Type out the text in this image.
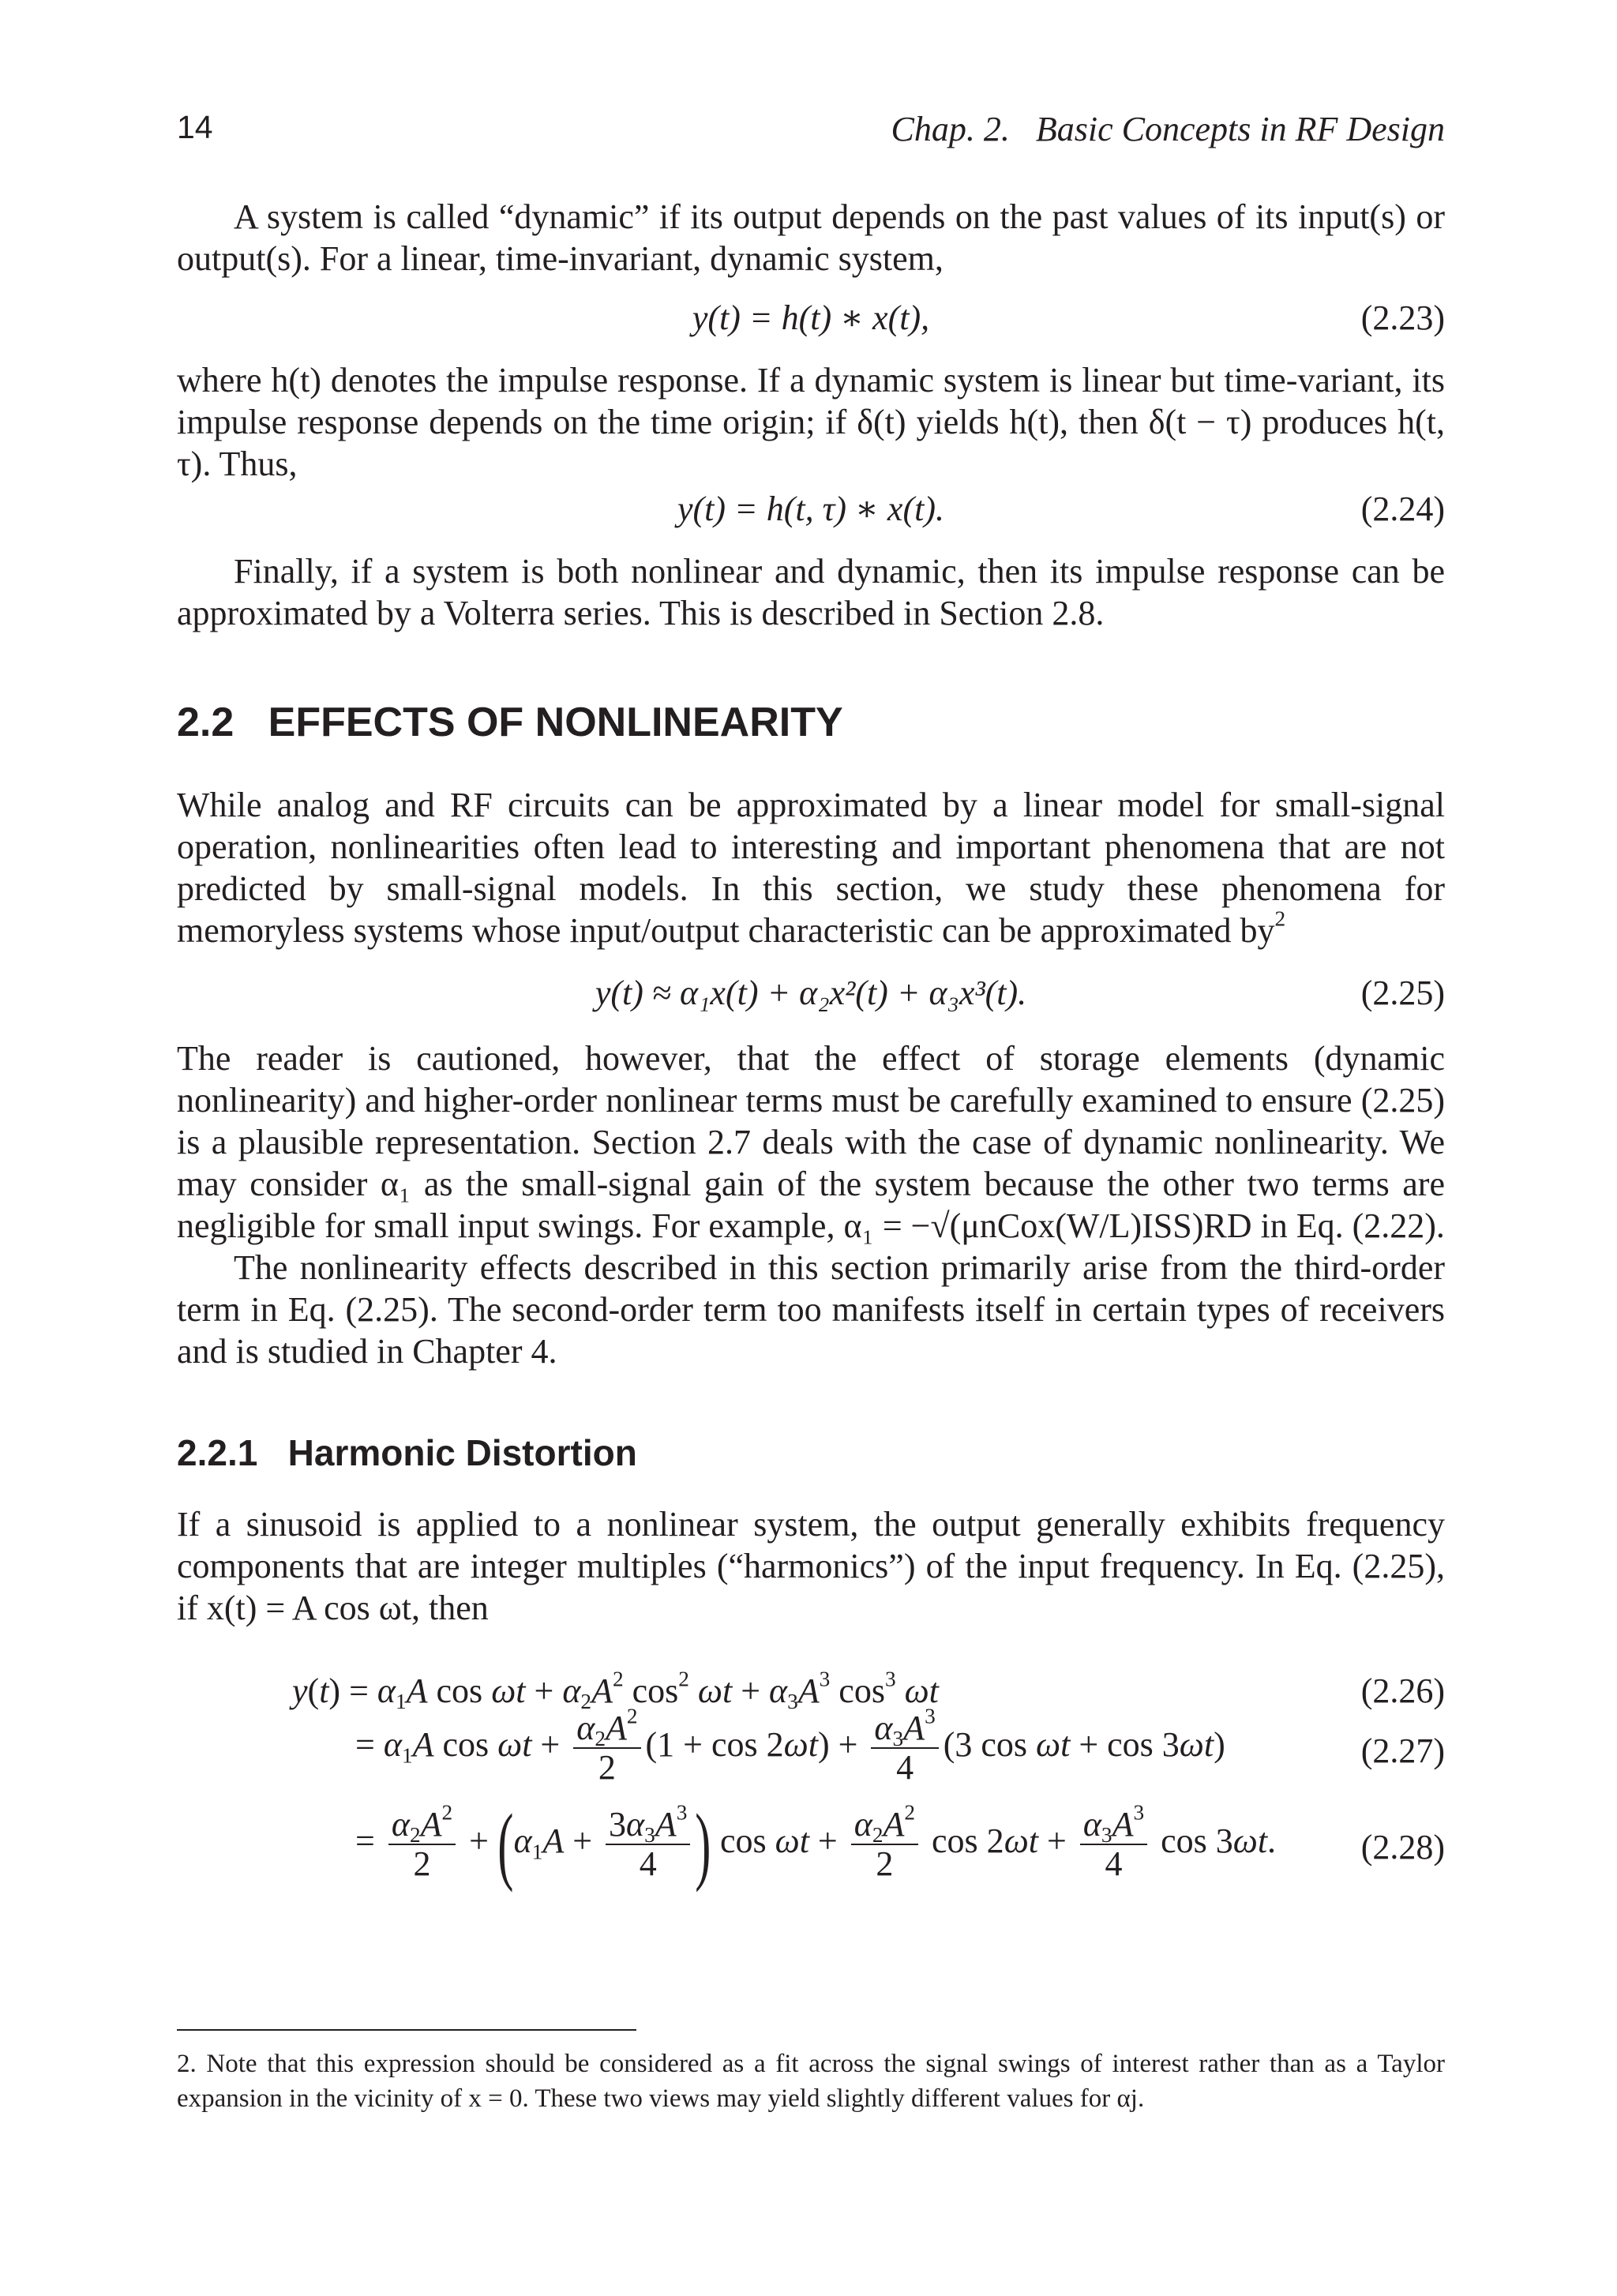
14	Chap. 2.   Basic Concepts in RF Design

A system is called “dynamic” if its output depends on the past values of its input(s) or output(s). For a linear, time-invariant, dynamic system,

y(t) = h(t) ∗ x(t),	(2.23)

where h(t) denotes the impulse response. If a dynamic system is linear but time-variant, its impulse response depends on the time origin; if δ(t) yields h(t), then δ(t − τ) produces h(t, τ). Thus,

y(t) = h(t, τ) ∗ x(t).	(2.24)

Finally, if a system is both nonlinear and dynamic, then its impulse response can be approximated by a Volterra series. This is described in Section 2.8.

2.2 EFFECTS OF NONLINEARITY

While analog and RF circuits can be approximated by a linear model for small-signal operation, nonlinearities often lead to interesting and important phenomena that are not predicted by small-signal models. In this section, we study these phenomena for memoryless systems whose input/output characteristic can be approximated $by^2$

y(t) ≈ α₁x(t) + α₂x²(t) + α₃x³(t).	(2.25)

The reader is cautioned, however, that the effect of storage elements (dynamic nonlinearity) and higher-order nonlinear terms must be carefully examined to ensure (2.25) is a plausible representation. Section 2.7 deals with the case of dynamic nonlinearity. We may consider α₁ as the small-signal gain of the system because the other two terms are negligible for small input swings. For example, α₁ = −√(μnCox(W/L)ISS)RD in Eq. (2.22).

The nonlinearity effects described in this section primarily arise from the third-order term in Eq. (2.25). The second-order term too manifests itself in certain types of receivers and is studied in Chapter 4.

2.2.1 Harmonic Distortion

If a sinusoid is applied to a nonlinear system, the output generally exhibits frequency components that are integer multiples (“harmonics”) of the input frequency. In Eq. (2.25), if x(t) = A cos ωt, then

$y(t) = \alpha_1A$ $\cos \omega t + \alpha_2A^2$ $\cos^2 \omega t + \alpha_3A^3$ $\cos^3 \omega t$	(2.26)
= $\alpha_1A$ $\cos \omega t + \frac{\alpha_2A^2}{2} (1 + \cos 2\omega t) + \frac{\alpha_3A^3}{4} (3$ cos ωt + cos 3ωt)	(2.27)
= $\frac{\alpha_2A^2}{2} + (\alpha_1A + \frac{3\alpha_3A^3}{4}$ ) $\cos \omega t + \frac{\alpha_2A^2}{2}$ $\cos 2\omega t + \frac{\alpha_3A^3}{4}$ cos 3ωt. (2.28)
2. Note that this expression should be considered as a fit across the signal swings of interest rather than as a Taylor expansion in the vicinity of x = 0. These two views may yield slightly different values for αj.
